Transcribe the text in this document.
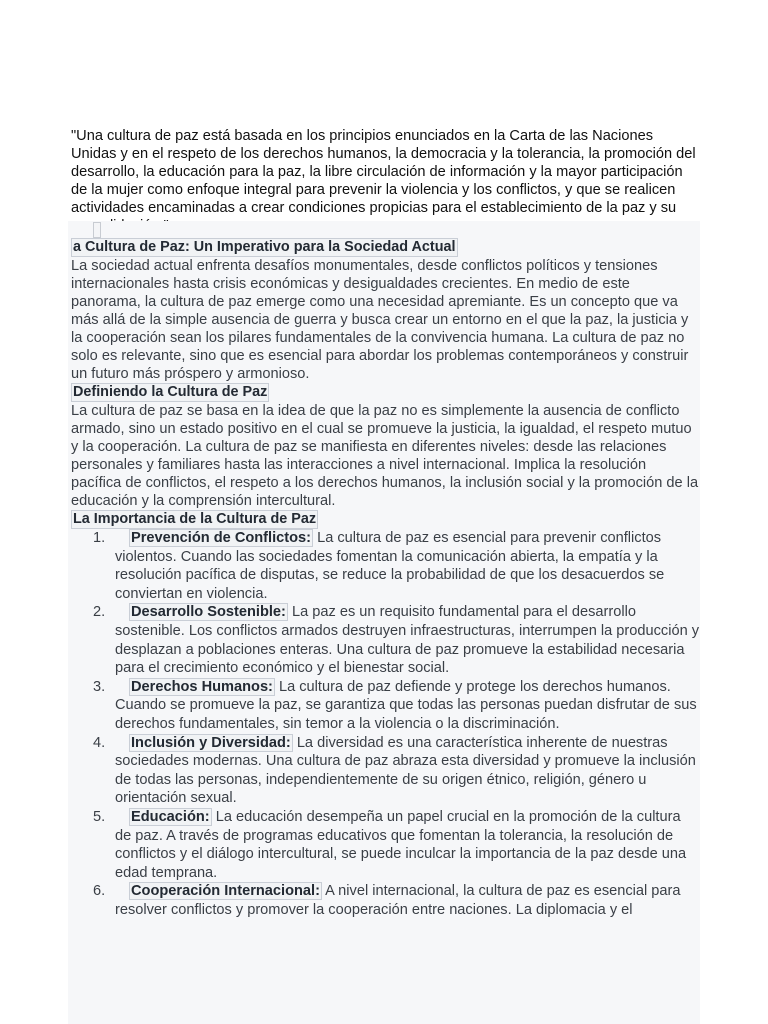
"Una cultura de paz está basada en los principios enunciados en la Carta de las Naciones Unidas y en el respeto de los derechos humanos, la democracia y la tolerancia, la promoción del desarrollo, la educación para la paz, la libre circulación de información y la mayor participación de la mujer como enfoque integral para prevenir la violencia y los conflictos, y que se realicen actividades encaminadas a crear condiciones propicias para el establecimiento de la paz y su

a Cultura de Paz: Un Imperativo para la Sociedad Actual

La sociedad actual enfrenta desafíos monumentales, desde conflictos políticos y tensiones internacionales hasta crisis económicas y desigualdades crecientes. En medio de este panorama, la cultura de paz emerge como una necesidad apremiante. Es un concepto que va más allá de la simple ausencia de guerra y busca crear un entorno en el que la paz, la justicia y la cooperación sean los pilares fundamentales de la convivencia humana. La cultura de paz no solo es relevante, sino que es esencial para abordar los problemas contemporáneos y construir un futuro más próspero y armonioso.

Definiendo la Cultura de Paz

La cultura de paz se basa en la idea de que la paz no es simplemente la ausencia de conflicto armado, sino un estado positivo en el cual se promueve la justicia, la igualdad, el respeto mutuo y la cooperación. La cultura de paz se manifiesta en diferentes niveles: desde las relaciones personales y familiares hasta las interacciones a nivel internacional. Implica la resolución pacífica de conflictos, el respeto a los derechos humanos, la inclusión social y la promoción de la educación y la comprensión intercultural.

La Importancia de la Cultura de Paz
1. Prevención de Conflictos: La cultura de paz es esencial para prevenir conflictos violentos. Cuando las sociedades fomentan la comunicación abierta, la empatía y la resolución pacífica de disputas, se reduce la probabilidad de que los desacuerdos se conviertan en violencia.
2. Desarrollo Sostenible: La paz es un requisito fundamental para el desarrollo sostenible. Los conflictos armados destruyen infraestructuras, interrumpen la producción y desplazan a poblaciones enteras. Una cultura de paz promueve la estabilidad necesaria para el crecimiento económico y el bienestar social.
3. Derechos Humanos: La cultura de paz defiende y protege los derechos humanos. Cuando se promueve la paz, se garantiza que todas las personas puedan disfrutar de sus derechos fundamentales, sin temor a la violencia o la discriminación.
4. Inclusión y Diversidad: La diversidad es una característica inherente de nuestras sociedades modernas. Una cultura de paz abraza esta diversidad y promueve la inclusión de todas las personas, independientemente de su origen étnico, religión, género u orientación sexual.
5. Educación: La educación desempeña un papel crucial en la promoción de la cultura de paz. A través de programas educativos que fomentan la tolerancia, la resolución de conflictos y el diálogo intercultural, se puede inculcar la importancia de la paz desde una edad temprana.
6. Cooperación Internacional: A nivel internacional, la cultura de paz es esencial para resolver conflictos y promover la cooperación entre naciones. La diplomacia y el
